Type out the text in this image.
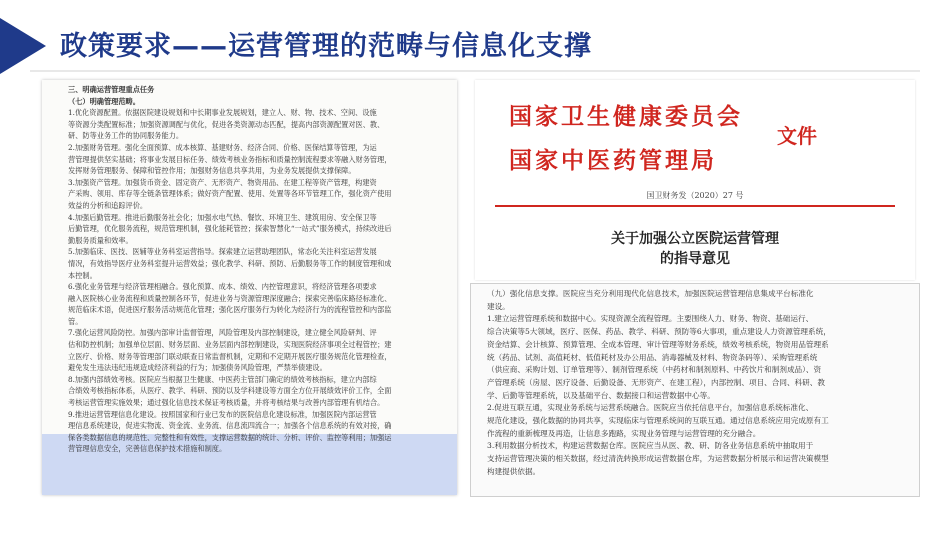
政策要求——运营管理的范畴与信息化支撑

三、明确运营管理重点任务

（七）明确管理范畴。

1.优化资源配置。依据医院建设规划和中长期事业发展规划，建立人、财、物、技术、空间、设施

等资源分类配置标准；加强资源调配与优化，促进各类资源动态匹配，提高内部资源配置对医、教、

研、防等业务工作的协同服务能力。

2.加强财务管理。强化全面预算、成本核算、基建财务、经济合同、价格、医保结算等管理，为运

营管理提供坚实基础；将事业发展目标任务、绩效考核业务指标和质量控制流程要求等融入财务管理，

发挥财务管理服务、保障和管控作用；加强财务信息共享共用，为业务发展提供支撑保障。

3.加强资产管理。加强货币资金、固定资产、无形资产、物资用品、在建工程等资产管理，构建资

产采购、领用、库存等全链条管理体系；做好资产配置、使用、处置等各环节管理工作，强化资产使用

效益的分析和追踪评价。

4.加强后勤管理。推进后勤服务社会化；加强水电气热、餐饮、环境卫生、建筑用房、安全保卫等

后勤管理，优化服务流程，规范管理机制，强化能耗管控；探索智慧化“一站式”服务模式，持续改进后

勤服务质量和效率。

5.加强临床、医技、医辅等业务科室运营指导。探索建立运营助理团队，常态化关注科室运营发展

情况，有效指导医疗业务科室提升运营效益；强化教学、科研、预防、后勤服务等工作的制度管理和成

本控制。

6.强化业务管理与经济管理相融合。强化预算、成本、绩效、内控管理意识，将经济管理各项要求

融入医院核心业务流程和质量控制各环节，促进业务与资源管理深度融合；探索完善临床路径标准化、

规范临床术语，促进医疗服务活动规范化管理；强化医疗服务行为转化为经济行为的流程管控和内部监

管。

7.强化运营风险防控。加强内部审计监督管理，风险管理及内部控制建设，建立健全风险研判、评

估和防控机制；加强单位层面、财务层面、业务层面内部控制建设，实现医院经济事项全过程管控；建

立医疗、价格、财务等管理部门联动联查日常监督机制，定期和不定期开展医疗服务规范化管理检查，

避免发生违法违纪违规造成经济利益的行为；加强债务风险管理，严禁举债建设。

8.加强内部绩效考核。医院应当根据卫生健康、中医药主管部门确定的绩效考核指标，建立内部综

合绩效考核指标体系，从医疗、教学、科研、预防以及学科建设等方面全方位开展绩效评价工作，全面

考核运营管理实施效果；通过强化信息技术保证考核质量，并将考核结果与改善内部管理有机结合。

9.推进运营管理信息化建设。按照国家和行业已发布的医院信息化建设标准，加强医院内部运营管

理信息系统建设，促进实物流、资金流、业务流、信息流四流合一；加强各个信息系统的有效对接，确

保各类数据信息的规范性、完整性和有效性，支撑运营数据的统计、分析、评价、监控等利用；加强运

营管理信息安全，完善信息保护技术措施和制度。

国家卫生健康委员会
国家中医药管理局
文件
国卫财务发（2020）27 号
关于加强公立医院运营管理
的指导意见

（九）强化信息支撑。医院应当充分利用现代化信息技术，加强医院运营管理信息集成平台标准化

建设。

1.建立运营管理系统和数据中心。实现资源全流程管理。主要围绕人力、财务、物资、基础运行、

综合决策等5大领域，医疗、医保、药品、教学、科研、预防等6大事项，重点建设人力资源管理系统，

资金结算、会计核算、预算管理、全成本管理、审计管理等财务系统，绩效考核系统，物资用品管理系

统（药品、试剂、高值耗材、低值耗材及办公用品、消毒器械及材料、物资条码等）、采购管理系统

（供应商、采购计划、订单管理等）、制剂管理系统（中药材和制剂原料、中药饮片和制剂成品）、资

产管理系统（房屋、医疗设备、后勤设备、无形资产、在建工程），内部控制、项目、合同、科研、教

学、后勤等管理系统，以及基础平台、数据接口和运营数据中心等。

2.促进互联互通，实现业务系统与运营系统融合。医院应当依托信息平台，加强信息系统标准化、

规范化建设，强化数据的协同共享，实现临床与管理系统间的互联互通。通过信息系统应用完成原有工

作流程的重新梳理及再造，让信息多跑路，实现业务管理与运营管理的充分融合。

3.利用数据分析技术，构建运营数据仓库。医院应当从医、教、研、防各业务信息系统中抽取用于

支持运营管理决策的相关数据，经过清洗转换形成运营数据仓库，为运营数据分析展示和运营决策模型

构建提供依据。
